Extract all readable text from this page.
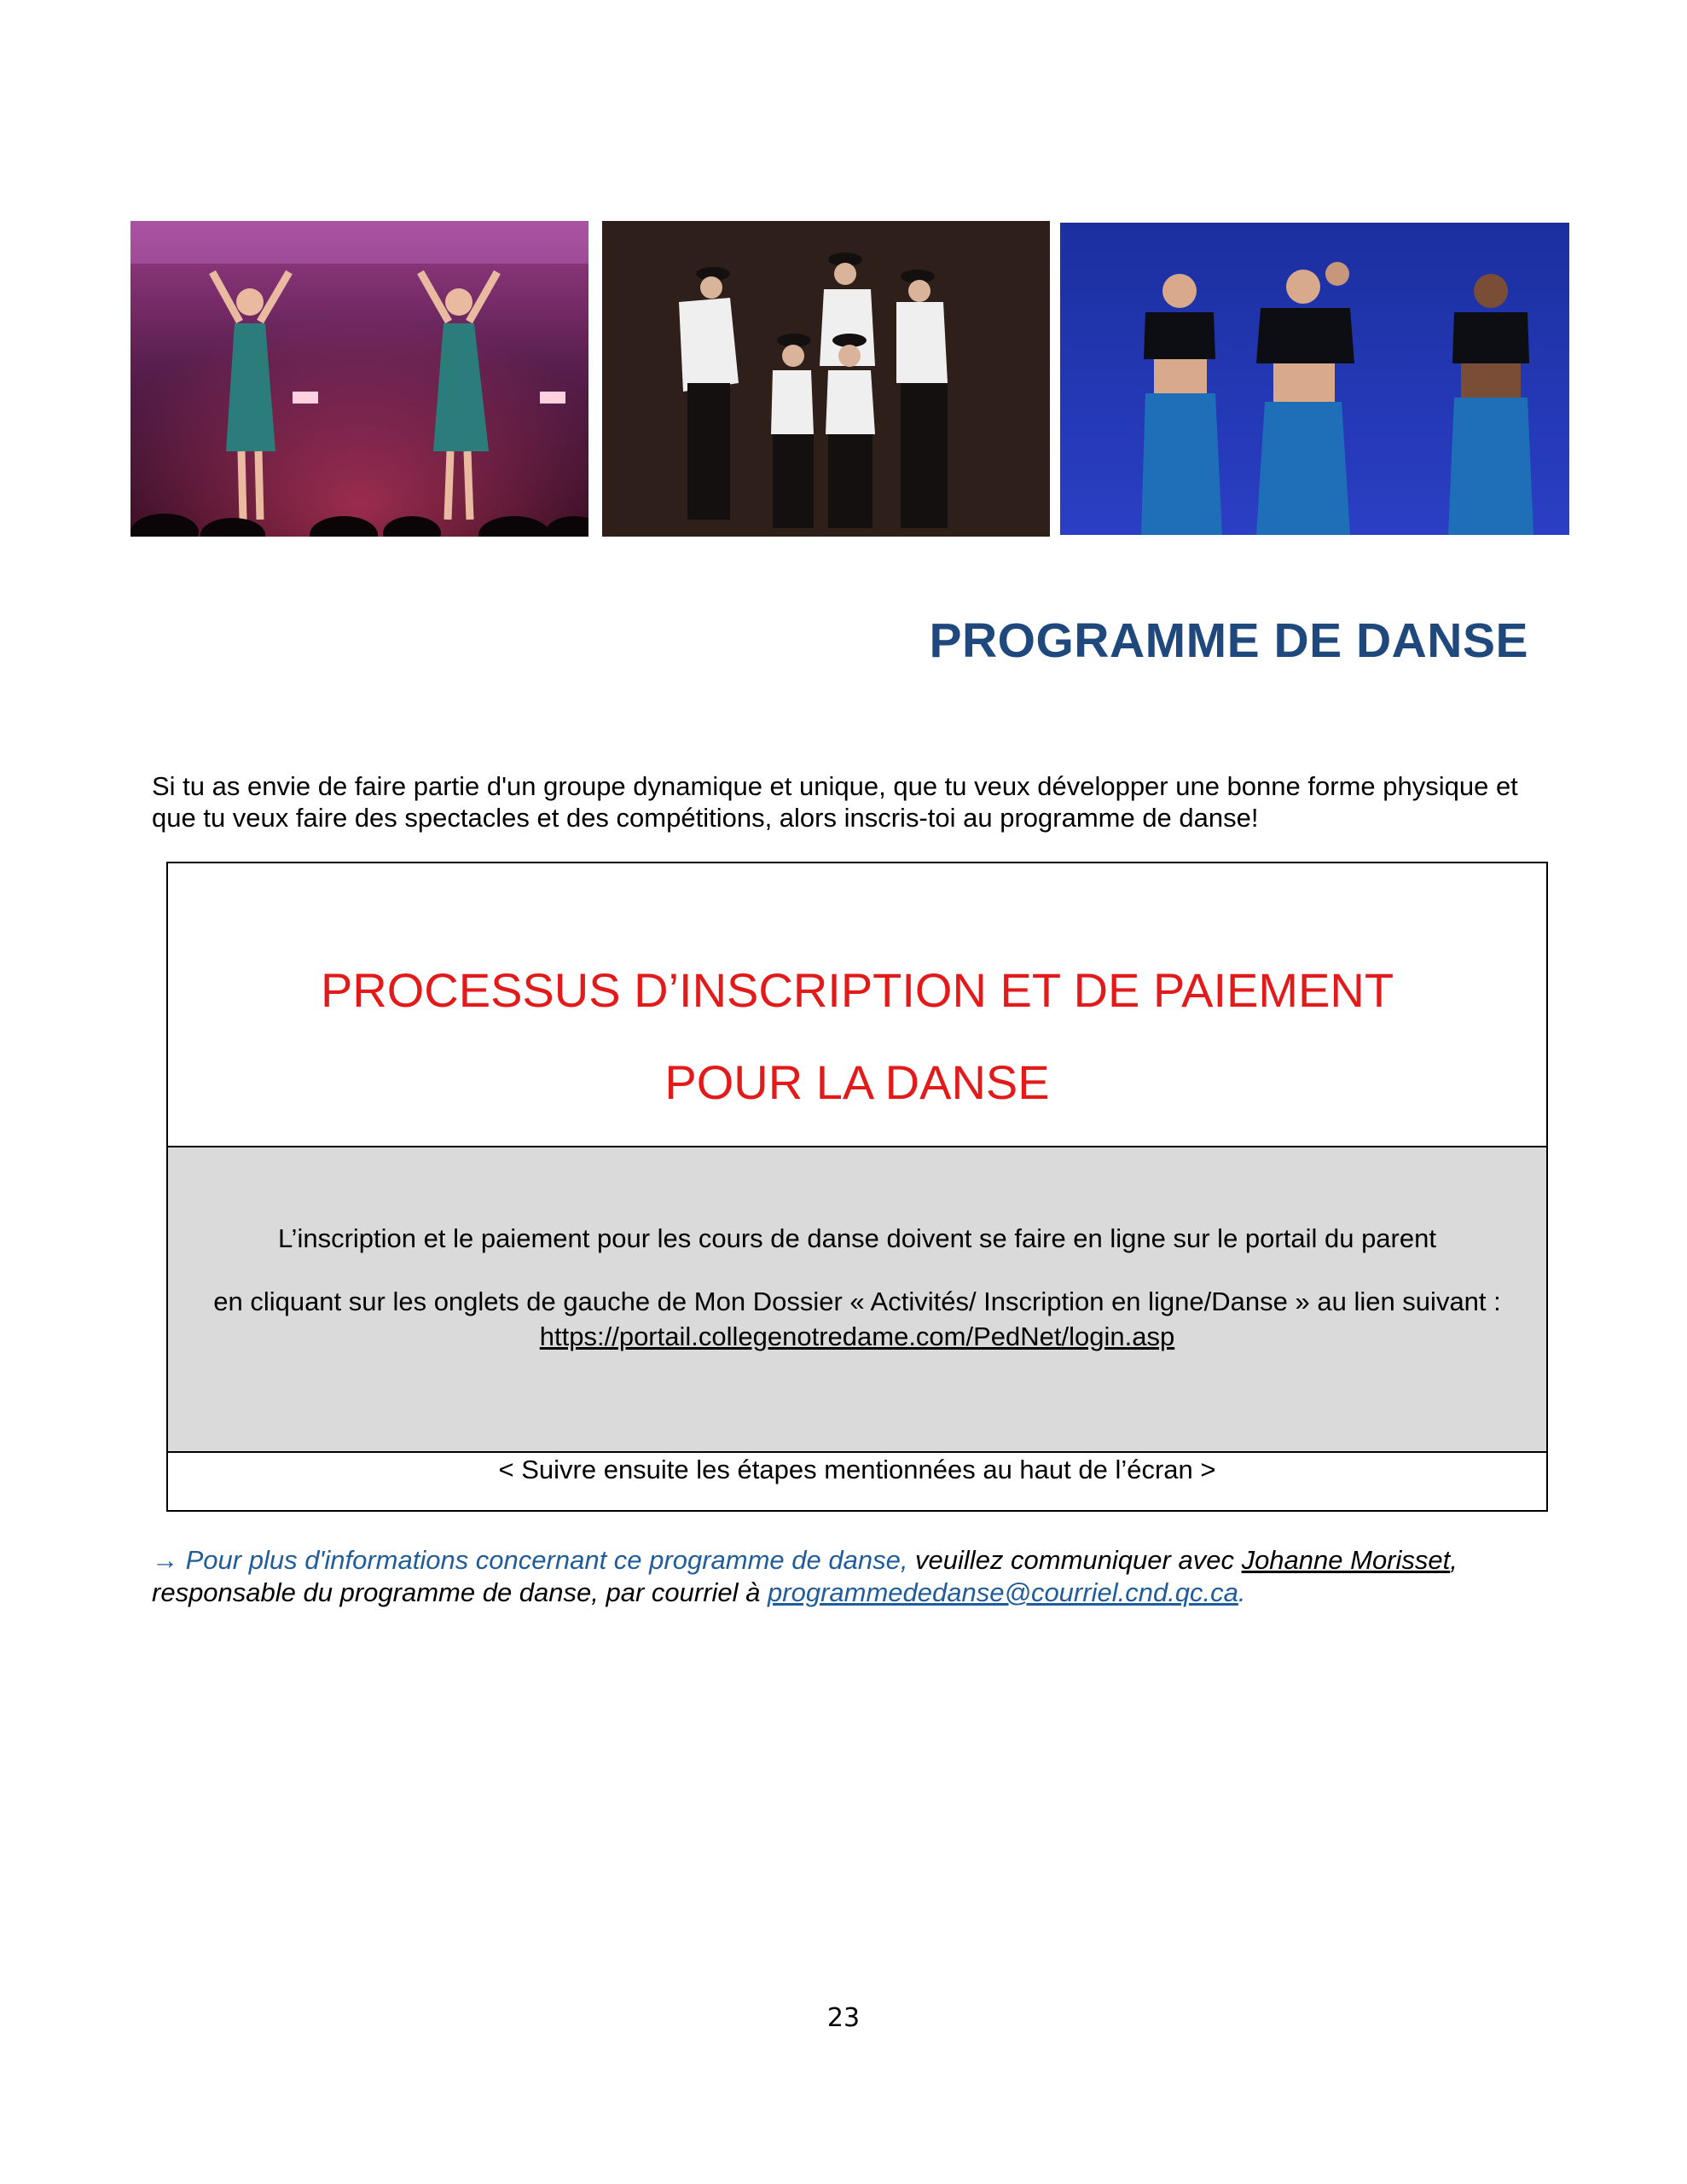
PROGRAMME DE DANSE

Si tu as envie de faire partie d'un groupe dynamique et unique, que tu veux développer une bonne forme physique et que tu veux faire des spectacles et des compétitions, alors inscris-toi au programme de danse!

PROCESSUS D’INSCRIPTION ET DE PAIEMENT
POUR LA DANSE

L’inscription et le paiement pour les cours de danse doivent se faire en ligne sur le portail du parent

en cliquant sur les onglets de gauche de Mon Dossier « Activités/ Inscription en ligne/Danse » au lien suivant :

https://portail.collegenotredame.com/PedNet/login.asp

< Suivre ensuite les étapes mentionnées au haut de l’écran >

→ Pour plus d'informations concernant ce programme de danse, veuillez communiquer avec Johanne Morisset, responsable du programme de danse, par courriel à programmededanse@courriel.cnd.qc.ca.

23
